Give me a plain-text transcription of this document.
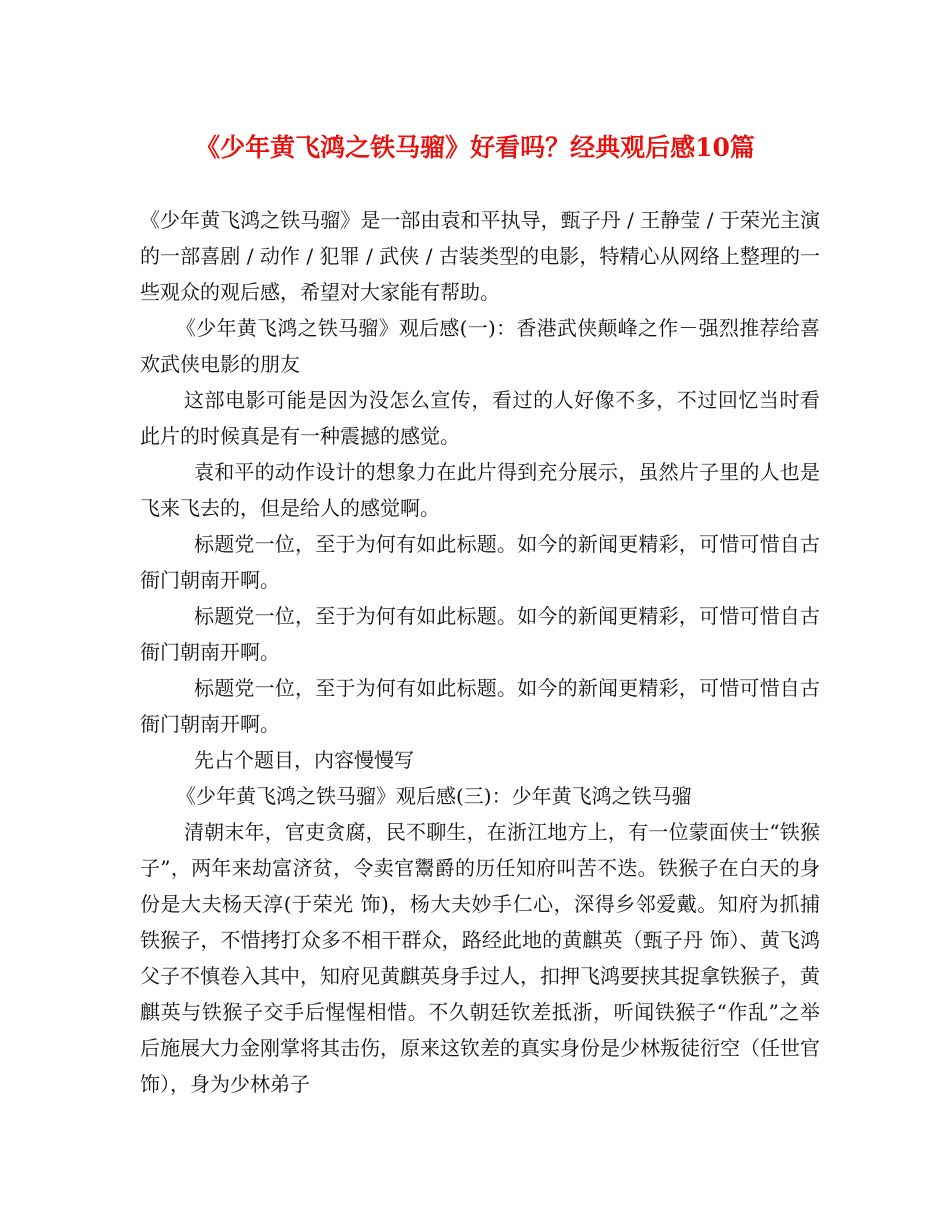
《少年黄飞鸿之铁马骝》好看吗？经典观后感10篇

《少年黄飞鸿之铁马骝》是一部由袁和平执导，甄子丹 / 王静莹 / 于荣光主演的一部喜剧 / 动作 / 犯罪 / 武侠 / 古装类型的电影，特精心从网络上整理的一些观众的观后感，希望对大家能有帮助。

《少年黄飞鸿之铁马骝》观后感(一)：香港武侠颠峰之作－强烈推荐给喜欢武侠电影的朋友

这部电影可能是因为没怎么宣传，看过的人好像不多，不过回忆当时看此片的时候真是有一种震撼的感觉。

袁和平的动作设计的想象力在此片得到充分展示，虽然片子里的人也是飞来飞去的，但是给人的感觉啊。

标题党一位，至于为何有如此标题。如今的新闻更精彩，可惜可惜自古衙门朝南开啊。

标题党一位，至于为何有如此标题。如今的新闻更精彩，可惜可惜自古衙门朝南开啊。

标题党一位，至于为何有如此标题。如今的新闻更精彩，可惜可惜自古衙门朝南开啊。

先占个题目，内容慢慢写

《少年黄飞鸿之铁马骝》观后感(三)：少年黄飞鸿之铁马骝

清朝末年，官吏贪腐，民不聊生，在浙江地方上，有一位蒙面侠士“铁猴子”，两年来劫富济贫，令卖官鬻爵的历任知府叫苦不迭。铁猴子在白天的身份是大夫杨天淳(于荣光 饰)，杨大夫妙手仁心，深得乡邻爱戴。知府为抓捕铁猴子，不惜拷打众多不相干群众，路经此地的黄麒英（甄子丹 饰）、黄飞鸿父子不慎卷入其中，知府见黄麒英身手过人，扣押飞鸿要挟其捉拿铁猴子，黄麒英与铁猴子交手后惺惺相惜。不久朝廷钦差抵浙，听闻铁猴子“作乱”之举后施展大力金刚掌将其击伤，原来这钦差的真实身份是少林叛徒衍空（任世官 饰），身为少林弟子
